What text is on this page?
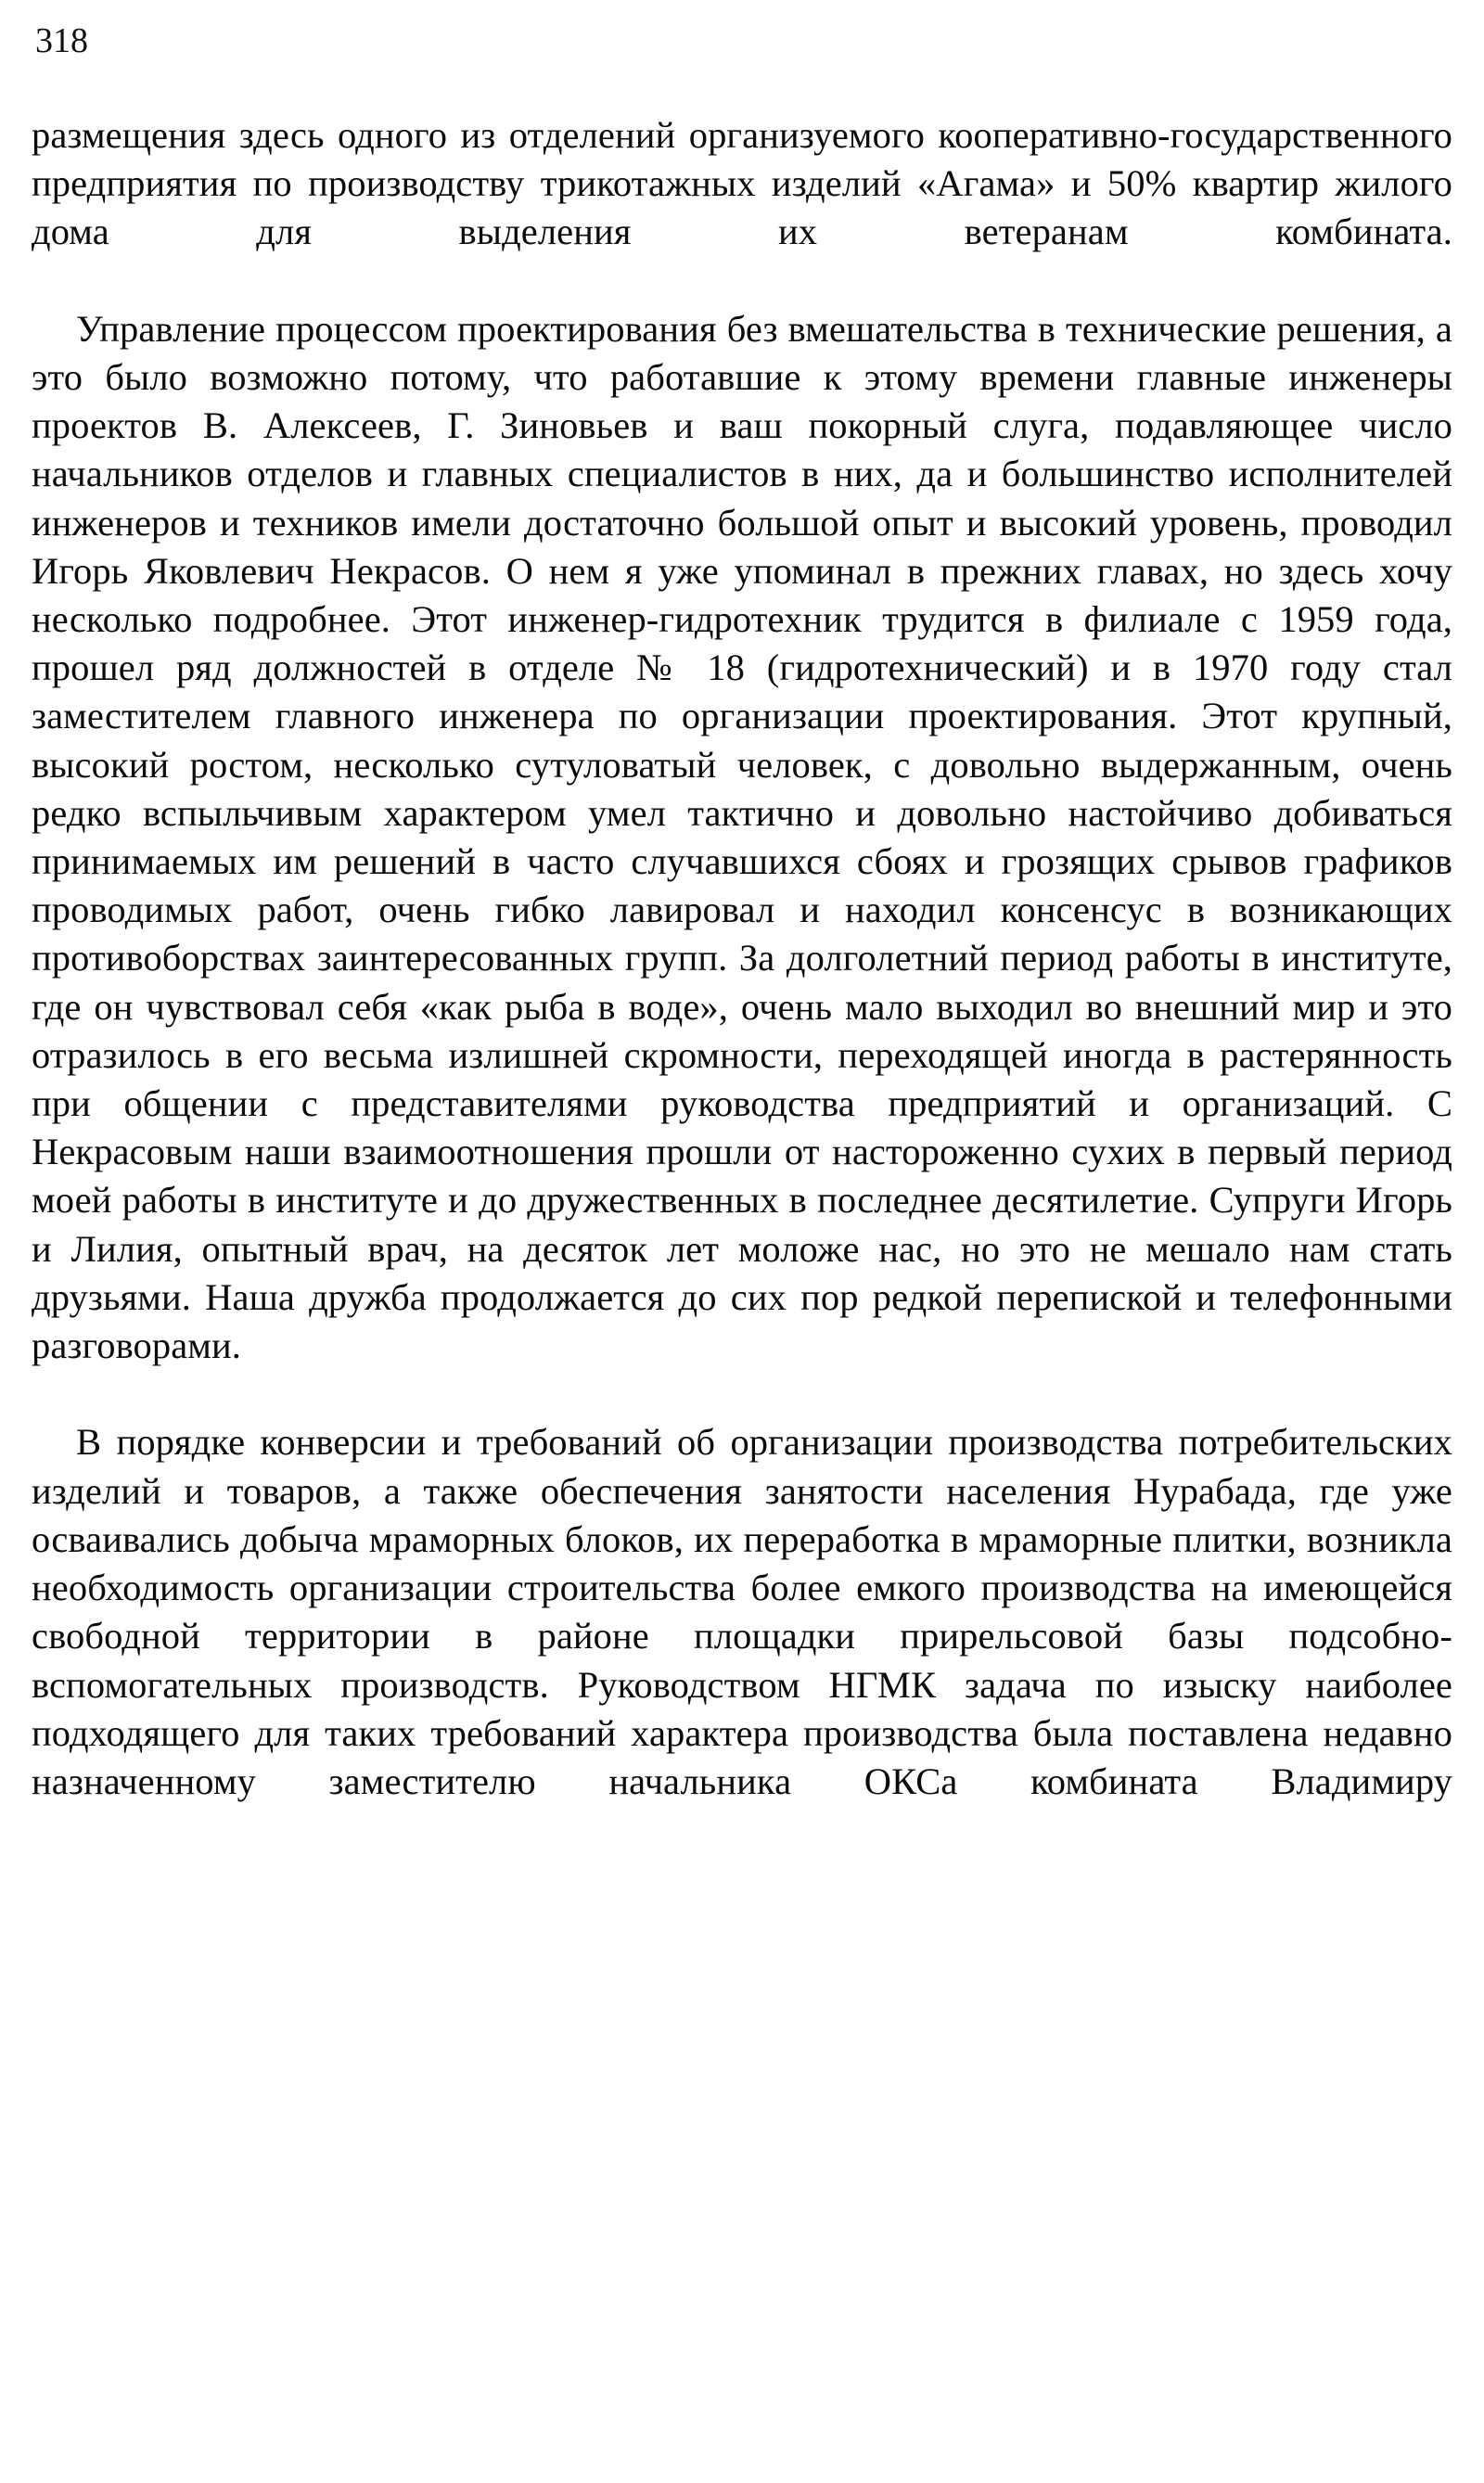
318

размещения здесь одного из отделений организуемого кооперативно-государственного предприятия по производству трикотажных изделий «Агама» и 50% квартир жилого дома для выделения их ветеранам комбината.

Управление процессом проектирования без вмешательства в технические решения, а это было возможно потому, что работавшие к этому времени главные инженеры проектов В. Алексеев, Г. Зиновьев и ваш покорный слуга, подавляющее число начальников отделов и главных специалистов в них, да и большинство исполнителей инженеров и техников имели достаточно большой опыт и высокий уровень, проводил Игорь Яковлевич Некрасов. О нем я уже упоминал в прежних главах, но здесь хочу несколько подробнее. Этот инженер-гидротехник трудится в филиале с 1959 года, прошел ряд должностей в отделе № 18 (гидротехнический) и в 1970 году стал заместителем главного инженера по организации проектирования. Этот крупный, высокий ростом, несколько сутуловатый человек, с довольно выдержанным, очень редко вспыльчивым характером умел тактично и довольно настойчиво добиваться принимаемых им решений в часто случавшихся сбоях и грозящих срывов графиков проводимых работ, очень гибко лавировал и находил консенсус в возникающих противоборствах заинтересованных групп. За долголетний период работы в институте, где он чувствовал себя «как рыба в воде», очень мало выходил во внешний мир и это отразилось в его весьма излишней скромности, переходящей иногда в растерянность при общении с представителями руководства предприятий и организаций. С Некрасовым наши взаимоотношения прошли от настороженно сухих в первый период моей работы в институте и до дружественных в последнее десятилетие. Супруги Игорь и Лилия, опытный врач, на десяток лет моложе нас, но это не мешало нам стать друзьями. Наша дружба продолжается до сих пор редкой перепиской и телефонными разговорами.

В порядке конверсии и требований об организации производства потребительских изделий и товаров, а также обеспечения занятости населения Нурабада, где уже осваивались добыча мраморных блоков, их переработка в мраморные плитки, возникла необходимость организации строительства более емкого производства на имеющейся свободной территории в районе площадки прирельсовой базы подсобно-вспомогательных производств. Руководством НГМК задача по изыску наиболее подходящего для таких требований характера производства была поставлена недавно назначенному заместителю начальника ОКСа комбината Владимиру
